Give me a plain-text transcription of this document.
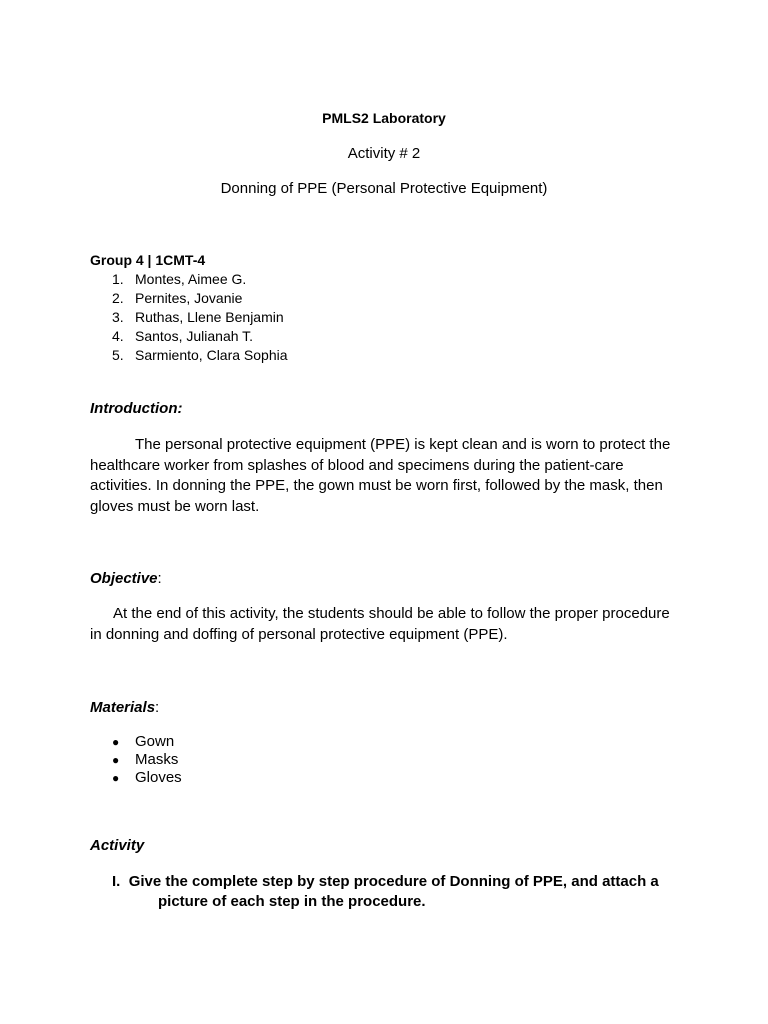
PMLS2 Laboratory
Activity # 2
Donning of PPE (Personal Protective Equipment)
Group 4 | 1CMT-4
1. Montes, Aimee G.
2. Pernites, Jovanie
3. Ruthas, Llene Benjamin
4. Santos, Julianah T.
5. Sarmiento, Clara Sophia
Introduction:
The personal protective equipment (PPE) is kept clean and is worn to protect the
healthcare worker from splashes of blood and specimens during the patient-care
activities. In donning the PPE, the gown must be worn first, followed by the mask, then
gloves must be worn last.
Objective:
At the end of this activity, the students should be able to follow the proper procedure
in donning and doffing of personal protective equipment (PPE).
Materials:
● Gown
● Masks
● Gloves
Activity
I. Give the complete step by step procedure of Donning of PPE, and attach a
picture of each step in the procedure.
